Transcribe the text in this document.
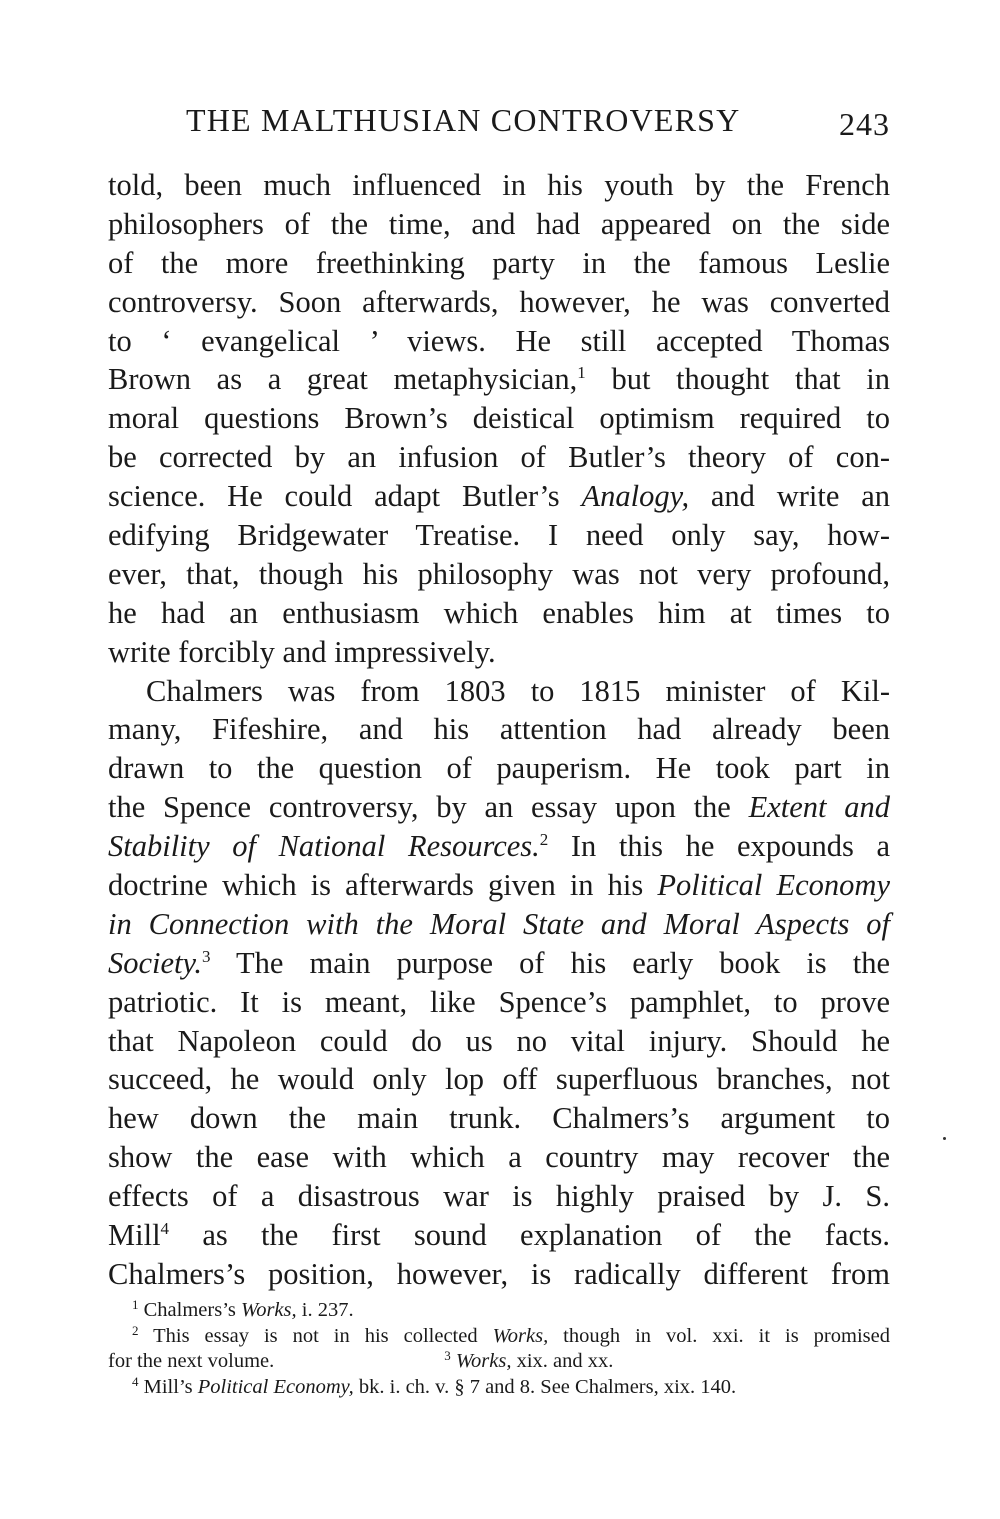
THE MALTHUSIAN CONTROVERSY	243
told, been much influenced in his youth by the French
philosophers of the time, and had appeared on the side
of the more freethinking party in the famous Leslie
controversy. Soon afterwards, however, he was converted
to ‘ evangelical ’ views. He still accepted Thomas
Brown as a great metaphysician,$^1$ but thought that in
moral questions Brown’s deistical optimism required to
be corrected by an infusion of Butler’s theory of con-
science. He could adapt Butler’s Analogy, and write an
edifying Bridgewater Treatise. I need only say, how-
ever, that, though his philosophy was not very profound,
he had an enthusiasm which enables him at times to
write forcibly and impressively.
Chalmers was from 1803 to 1815 minister of Kil-
many, Fifeshire, and his attention had already been
drawn to the question of pauperism. He took part in
the Spence controversy, by an essay upon the Extent and
Stability of National Resources.$^2$ In this he expounds a
doctrine which is afterwards given in his Political Economy
in Connection with the Moral State and Moral Aspects of
Society.$^3$ The main purpose of his early book is the
patriotic. It is meant, like Spence’s pamphlet, to prove
that Napoleon could do us no vital injury. Should he
succeed, he would only lop off superfluous branches, not
hew down the main trunk. Chalmers’s argument to
show the ease with which a country may recover the
effects of a disastrous war is highly praised by J. S.
Mill$^4$ as the first sound explanation of the facts.
Chalmers’s position, however, is radically different from
$^1$ Chalmers’s Works, i. 237.
$^2$ This essay is not in his collected Works, though in vol. xxi. it is promised
for the next volume.	$^3$ Works, xix. and xx.
$^4$ Mill’s Political Economy, bk. i. ch. v. § 7 and 8. See Chalmers, xix. 140.
